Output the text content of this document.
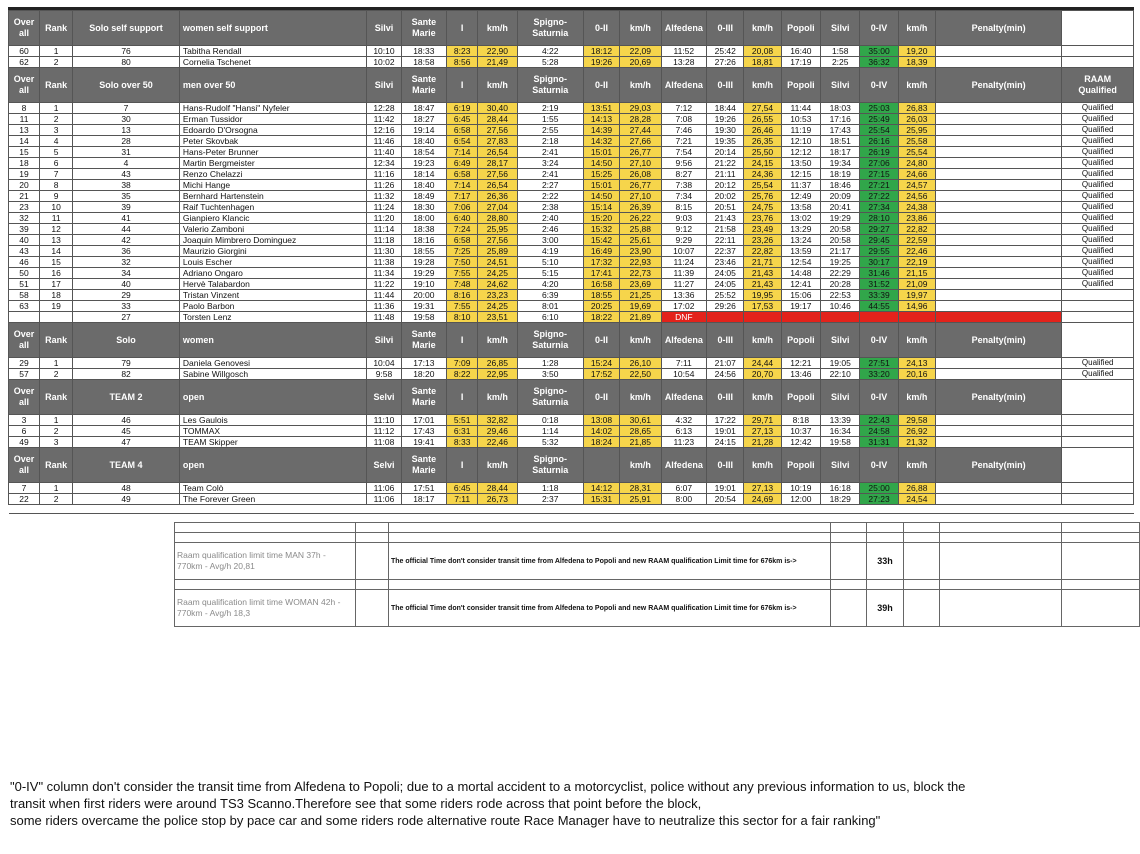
Over all	Rank	Solo self support	women self support	Silvi	Sante Marie	I	km/h	Spigno-Saturnia	0-II	km/h	Alfedena	0-III	km/h	Popoli	Silvi	0-IV	km/h	Penalty(min)	
60	1	76	Tabitha Rendall	10:10	18:33	8:23	22,90	4:22	18:12	22,09	11:52	25:42	20,08	16:40	1:58	35:00	19,20		
62	2	80	Cornelia Tschenet	10:02	18:58	8:56	21,49	5:28	19:26	20,69	13:28	27:26	18,81	17:19	2:25	36:32	18,39		
Over all	Rank	Solo over 50	men over 50	Silvi	Sante Marie	I	km/h	Spigno-Saturnia	0-II	km/h	Alfedena	0-III	km/h	Popoli	Silvi	0-IV	km/h	Penalty(min)	RAAM Qualified
8	1	7	Hans-Rudolf "Hansi" Nyfeler	12:28	18:47	6:19	30,40	2:19	13:51	29,03	7:12	18:44	27,54	11:44	18:03	25:03	26,83		Qualified
11	2	30	Erman Tussidor	11:42	18:27	6:45	28,44	1:55	14:13	28,28	7:08	19:26	26,55	10:53	17:16	25:49	26,03		Qualified
13	3	13	Edoardo D'Orsogna	12:16	19:14	6:58	27,56	2:55	14:39	27,44	7:46	19:30	26,46	11:19	17:43	25:54	25,95		Qualified
14	4	28	Peter Skovbak	11:46	18:40	6:54	27,83	2:18	14:32	27,66	7:21	19:35	26,35	12:10	18:51	26:16	25,58		Qualified
15	5	31	Hans-Peter Brunner	11:40	18:54	7:14	26,54	2:41	15:01	26,77	7:54	20:14	25,50	12:12	18:17	26:19	25,54		Qualified
18	6	4	Martin Bergmeister	12:34	19:23	6:49	28,17	3:24	14:50	27,10	9:56	21:22	24,15	13:50	19:34	27:06	24,80		Qualified
19	7	43	Renzo Chelazzi	11:16	18:14	6:58	27,56	2:41	15:25	26,08	8:27	21:11	24,36	12:15	18:19	27:15	24,66		Qualified
20	8	38	Michi Hange	11:26	18:40	7:14	26,54	2:27	15:01	26,77	7:38	20:12	25,54	11:37	18:46	27:21	24,57		Qualified
21	9	35	Bernhard Hartenstein	11:32	18:49	7:17	26,36	2:22	14:50	27,10	7:34	20:02	25,76	12:49	20:09	27:22	24,56		Qualified
23	10	39	Raif Tuchtenhagen	11:24	18:30	7:06	27,04	2:38	15:14	26,39	8:15	20:51	24,75	13:58	20:41	27:34	24,38		Qualified
32	11	41	Gianpiero Klancic	11:20	18:00	6:40	28,80	2:40	15:20	26,22	9:03	21:43	23,76	13:02	19:29	28:10	23,86		Qualified
39	12	44	Valerio Zamboni	11:14	18:38	7:24	25,95	2:46	15:32	25,88	9:12	21:58	23,49	13:29	20:58	29:27	22,82		Qualified
40	13	42	Joaquin Mimbrero Dominguez	11:18	18:16	6:58	27,56	3:00	15:42	25,61	9:29	22:11	23,26	13:24	20:58	29:45	22,59		Qualified
43	14	36	Maurizio Giorgini	11:30	18:55	7:25	25,89	4:19	16:49	23,90	10:07	22:37	22,82	13:59	21:17	29:55	22,46		Qualified
46	15	32	Louis Escher	11:38	19:28	7:50	24,51	5:10	17:32	22,93	11:24	23:46	21,71	12:54	19:25	30:17	22,19		Qualified
50	16	34	Adriano Ongaro	11:34	19:29	7:55	24,25	5:15	17:41	22,73	11:39	24:05	21,43	14:48	22:29	31:46	21,15		Qualified
51	17	40	Hervè Talabardon	11:22	19:10	7:48	24,62	4:20	16:58	23,69	11:27	24:05	21,43	12:41	20:28	31:52	21,09		Qualified
58	18	29	Tristan Vinzent	11:44	20:00	8:16	23,23	6:39	18:55	21,25	13:36	25:52	19,95	15:06	22:53	33:39	19,97		
63	19	33	Paolo Barbon	11:36	19:31	7:55	24,25	8:01	20:25	19,69	17:02	29:26	17,53	19:17	10:46	44:55	14,96		
		27	Torsten Lenz	11:48	19:58	8:10	23,51	6:10	18:22	21,89	DNF								
Over all	Rank	Solo	women	Silvi	Sante Marie	I	km/h	Spigno-Saturnia	0-II	km/h	Alfedena	0-III	km/h	Popoli	Silvi	0-IV	km/h	Penalty(min)	
29	1	79	Daniela Genovesi	10:04	17:13	7:09	26,85	1:28	15:24	26,10	7:11	21:07	24,44	12:21	19:05	27:51	24,13		Qualified
57	2	82	Sabine Willgosch	9:58	18:20	8:22	22,95	3:50	17:52	22,50	10:54	24:56	20,70	13:46	22:10	33:20	20,16		Qualified
Over all	Rank	TEAM 2	open	Selvi	Sante Marie	I	km/h	Spigno-Saturnia	0-II	km/h	Alfedena	0-III	km/h	Popoli	Silvi	0-IV	km/h	Penalty(min)	
3	1	46	Les Gaulois	11:10	17:01	5:51	32,82	0:18	13:08	30,61	4:32	17:22	29,71	8:18	13:39	22:43	29,58		
6	2	45	TOMMAX	11:12	17:43	6:31	29,46	1:14	14:02	28,65	6:13	19:01	27,13	10:37	16:34	24:58	26,92		
49	3	47	TEAM Skipper	11:08	19:41	8:33	22,46	5:32	18:24	21,85	11:23	24:15	21,28	12:42	19:58	31:31	21,32		
Over all	Rank	TEAM 4	open	Selvi	Sante Marie	I	km/h	Spigno-Saturnia		km/h	Alfedena	0-III	km/h	Popoli	Silvi	0-IV	km/h	Penalty(min)	
7	1	48	Team Colò	11:06	17:51	6:45	28,44	1:18	14:12	28,31	6:07	19:01	27,13	10:19	16:18	25:00	26,88		
22	2	49	The Forever Green	11:06	18:17	7:11	26,73	2:37	15:31	25,91	8:00	20:54	24,69	12:00	18:29	27:23	24,54		

Raam qualification limit time MAN 37h - 770km - Avg/h 20,81		The official Time don't consider transit time from Alfedena to Popoli and new RAAM qualification Limit time for 676km is->		33h			

Raam qualification limit time WOMAN 42h - 770km - Avg/h 18,3		The official Time don't consider transit time from Alfedena to Popoli and new RAAM qualification Limit time for 676km is->		39h			

"0-IV" column don't consider the transit time from Alfedena to Popoli; due to a mortal accident to a motorcyclist, police without any previous information to us, block the

transit when first riders were around TS3 Scanno.Therefore see that some riders rode across that point before the block,

some riders overcame the police stop by pace car and some riders rode alternative route Race Manager have to neutralize this sector for a fair ranking"
